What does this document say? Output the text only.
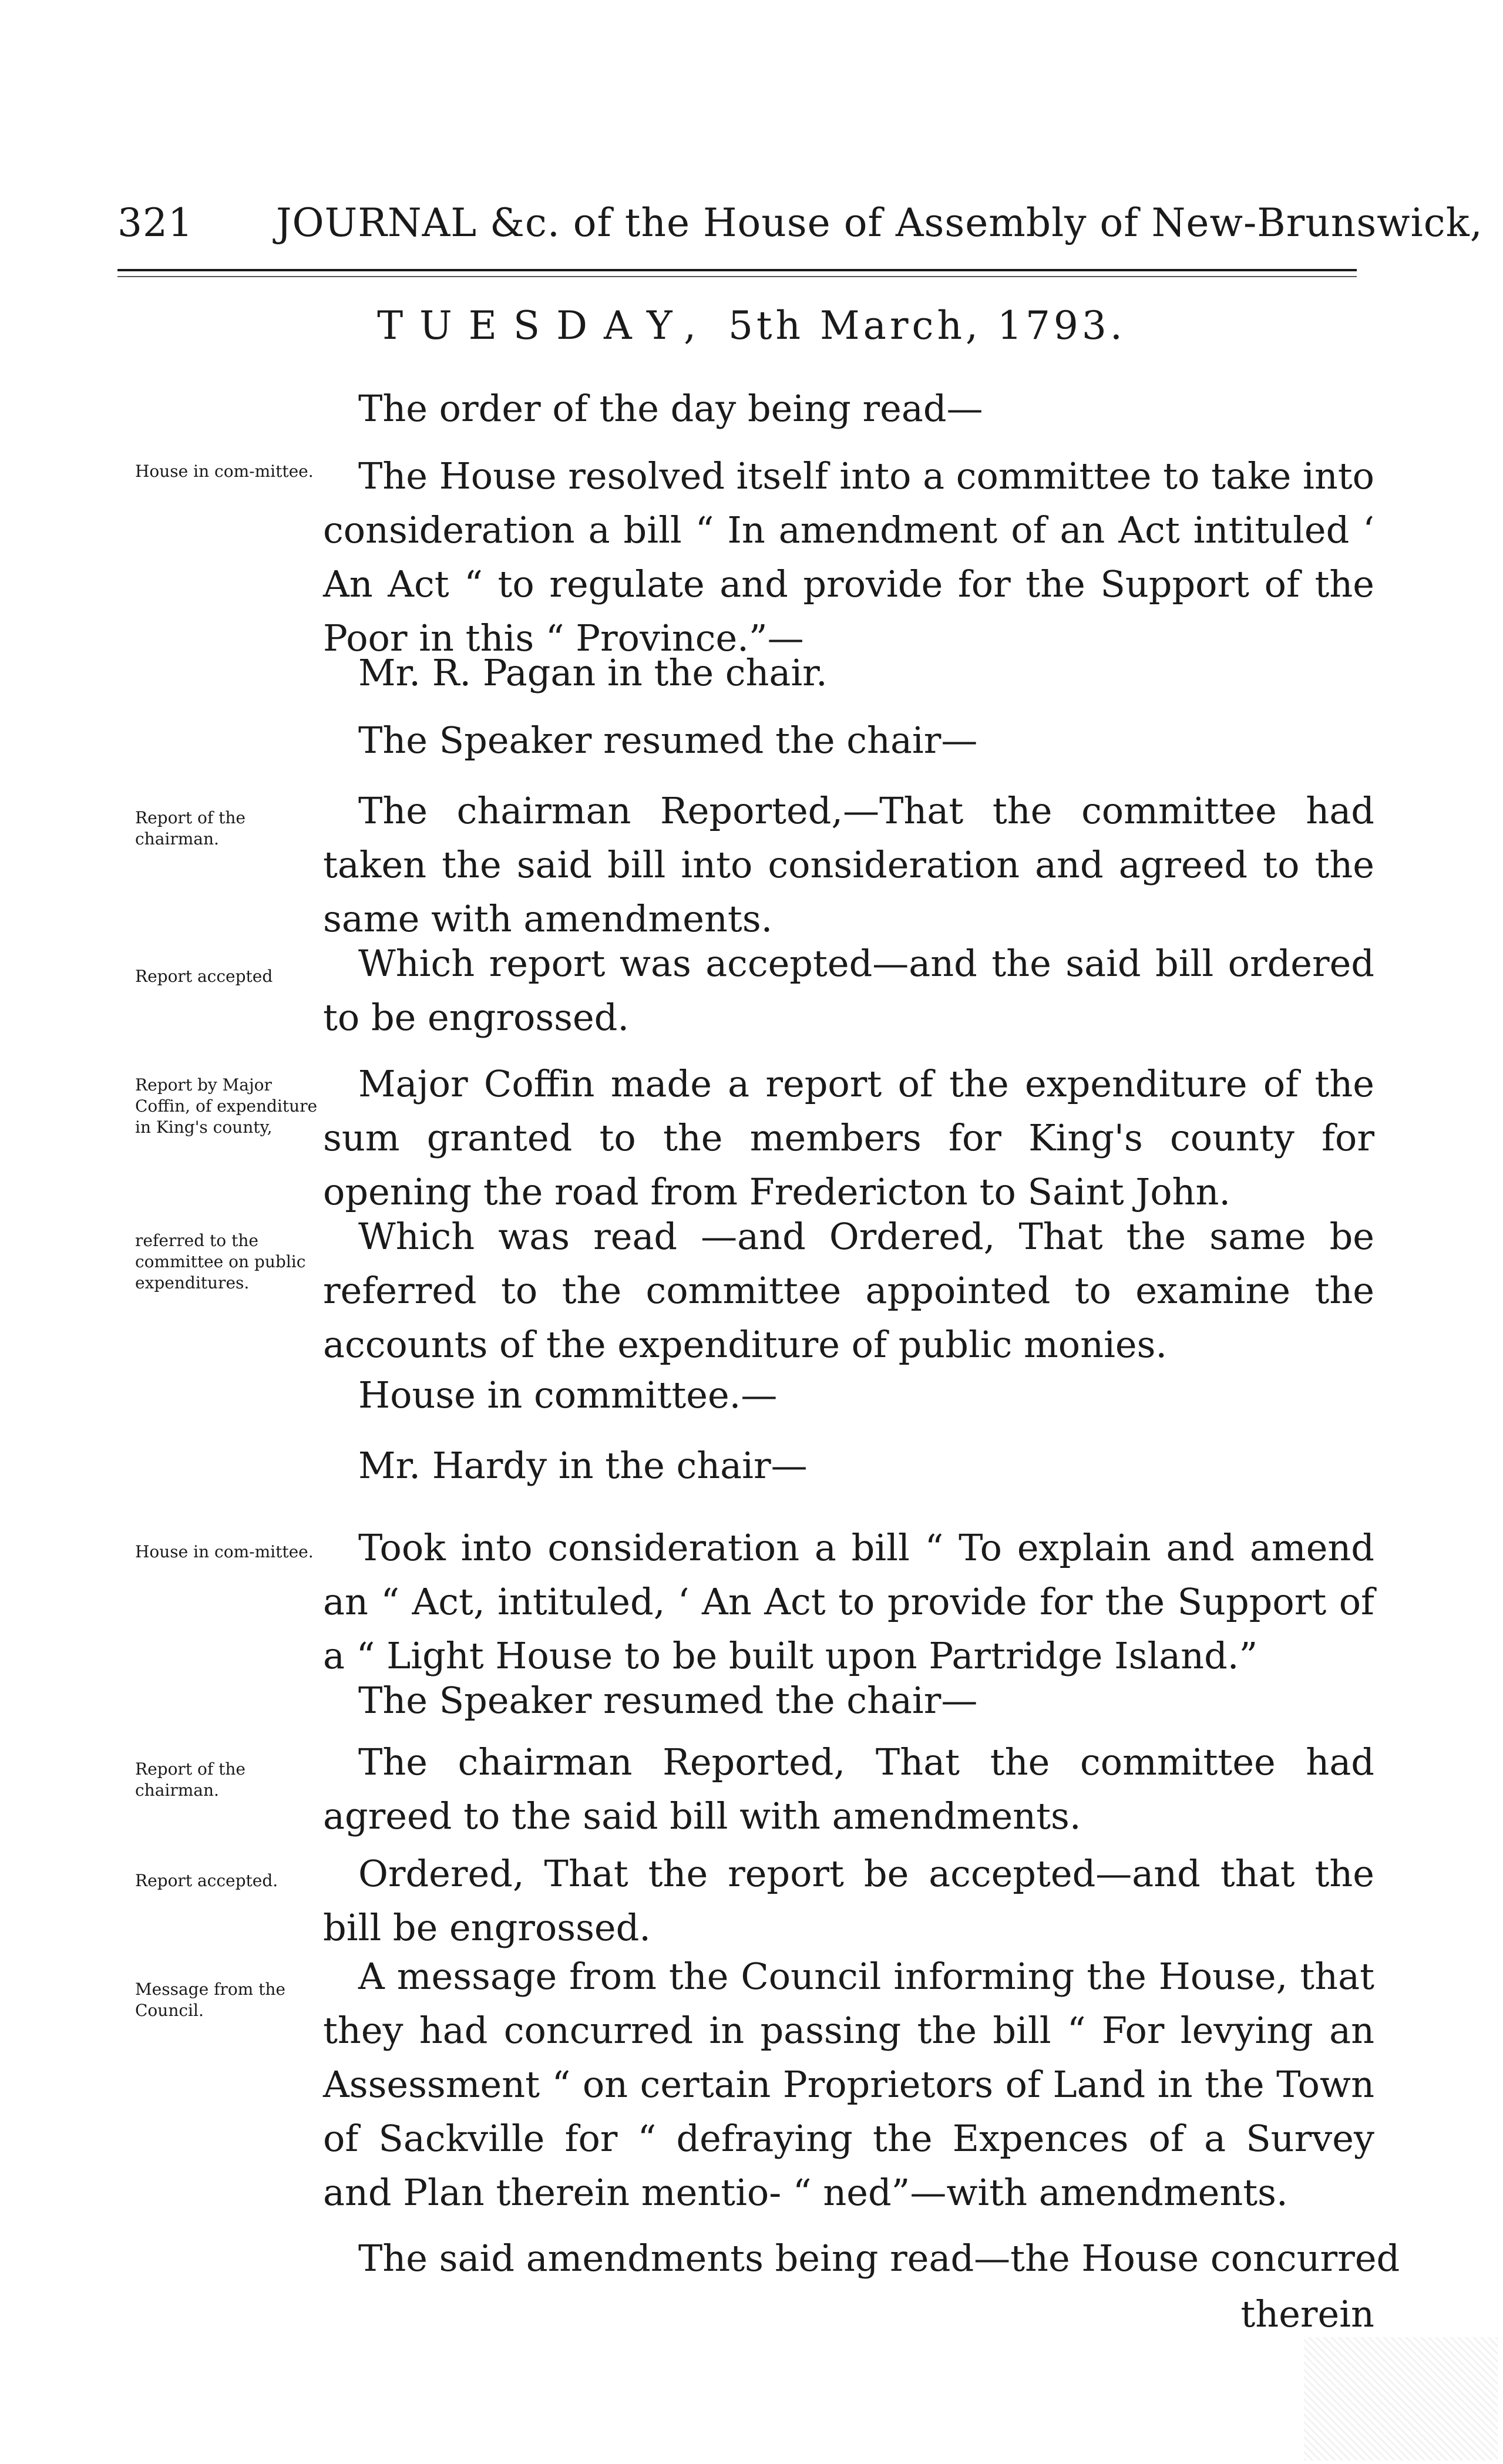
321 JOURNAL &c. of the House of Assembly of New-Brunswick,
TUESDAY, 5th March, 1793.
House in com-mittee.
Report of the chairman.
Report accepted
Report by Major Coffin, of expenditure in King's county,
referred to the committee on public expenditures.
House in com-mittee.
Report of the chairman.
Report accepted.
Message from the Council.
The order of the day being read—
The House resolved itself into a committee to take into consideration a bill “ In amendment of an Act intituled ‘ An Act “ to regulate and provide for the Support of the Poor in this “ Province.”—
Mr. R. Pagan in the chair.
The Speaker resumed the chair—
The chairman Reported,—That the committee had taken the said bill into consideration and agreed to the same with amendments.
Which report was accepted—and the said bill ordered to be engrossed.
Major Coffin made a report of the expenditure of the sum granted to the members for King's county for opening the road from Fredericton to Saint John.
Which was read —and Ordered, That the same be referred to the committee appointed to examine the accounts of the expenditure of public monies.
House in committee.—
Mr. Hardy in the chair—
Took into consideration a bill “ To explain and amend an “ Act, intituled, ‘ An Act to provide for the Support of a “ Light House to be built upon Partridge Island.”
The Speaker resumed the chair—
The chairman Reported, That the committee had agreed to the said bill with amendments.
Ordered, That the report be accepted—and that the bill be engrossed.
A message from the Council informing the House, that they had concurred in passing the bill “ For levying an Assessment “ on certain Proprietors of Land in the Town of Sackville for “ defraying the Expences of a Survey and Plan therein mentio- “ ned”—with amendments.
The said amendments being read—the House concurred
therein
